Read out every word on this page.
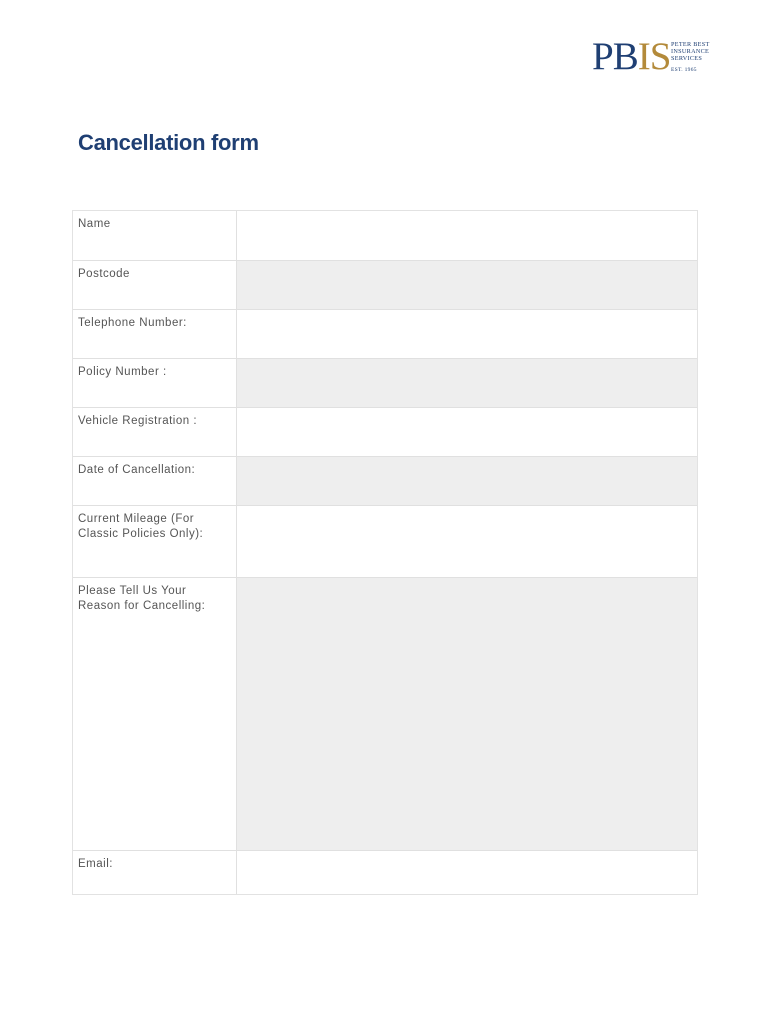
PBIS PETER BEST
INSURANCE
SERVICES
EST. 1965
Cancellation form
Name
Postcode
Telephone Number:
Policy Number :
Vehicle Registration :
Date of Cancellation:
Current Mileage (For
Classic Policies Only):
Please Tell Us Your
Reason for Cancelling:
Email:
